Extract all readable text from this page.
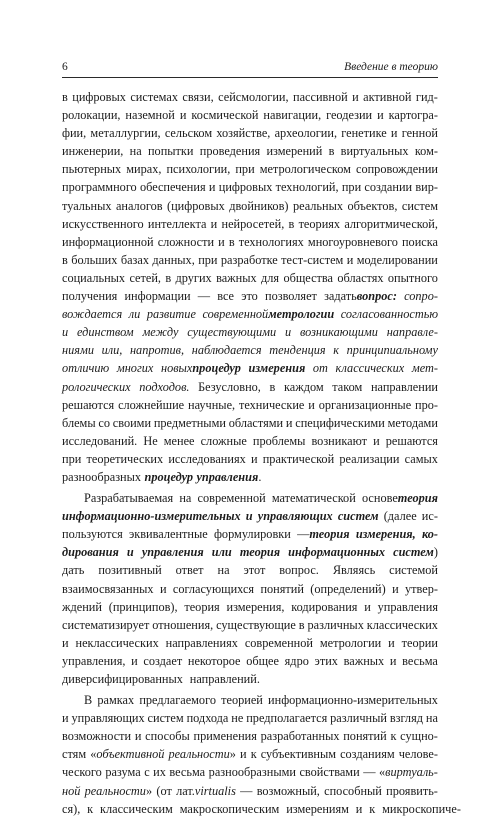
6	Введение в теорию
в цифровых системах связи, сейсмологии, пассивной и активной гид-
ролокации, наземной и космической навигации, геодезии и картогра-
фии, металлургии, сельском хозяйстве, археологии, генетике и генной
инженерии, на попытки проведения измерений в виртуальных ком-
пьютерных мирах, психологии, при метрологическом сопровождении
программного обеспечения и цифровых технологий, при создании вир-
туальных аналогов (цифровых двойников) реальных объектов, систем
искусственного интеллекта и нейросетей, в теориях алгоритмической,
информационной сложности и в технологиях многоуровневого поиска
в больших базах данных, при разработке тест-систем и моделировании
социальных сетей, в других важных для общества областях опытного
получения информации — все это позволяет задатьвопрос: сопро-
вождается ли развитие современнойметрологии согласованностью
и единством между существующими и возникающими направле-
ниями или, напротив, наблюдается тенденция к принципиальному
отличию многих новыхпроцедур измерения от классических мет-
рологических подходов. Безусловно, в каждом таком направлении
решаются сложнейшие научные, технические и организационные про-
блемы со своими предметными областями и специфическими методами
исследований. Не менее сложные проблемы возникают и решаются
при теоретических исследованиях и практической реализации самых
разнообразных процедур управления.
Разрабатываемая на современной математической основетеория
информационно-измерительных и управляющих систем (далее ис-
пользуются эквивалентные формулировки —теория измерения, ко-
дирования и управления или теория информационных систем)
дать позитивный ответ на этот вопрос. Являясь системой
взаимосвязанных и согласующихся понятий (определений) и утвер-
ждений (принципов), теория измерения, кодирования и управления
систематизирует отношения, существующие в различных классических
и неклассических направлениях современной метрологии и теории
управления, и создает некоторое общее ядро этих важных и весьма
диверсифицированных направлений.
В рамках предлагаемого теорией информационно-измерительных
и управляющих систем подхода не предполагается различный взгляд на
возможности и способы применения разработанных понятий к сущно-
стям «объективной реальности» и к субъективным созданиям челове-
ческого разума с их весьма разнообразными свойствами — «виртуаль-
ной реальности» (от лат.virtualis — возможный, способный проявить-
ся), к классическим макроскопическим измерениям и к микроскопиче-
